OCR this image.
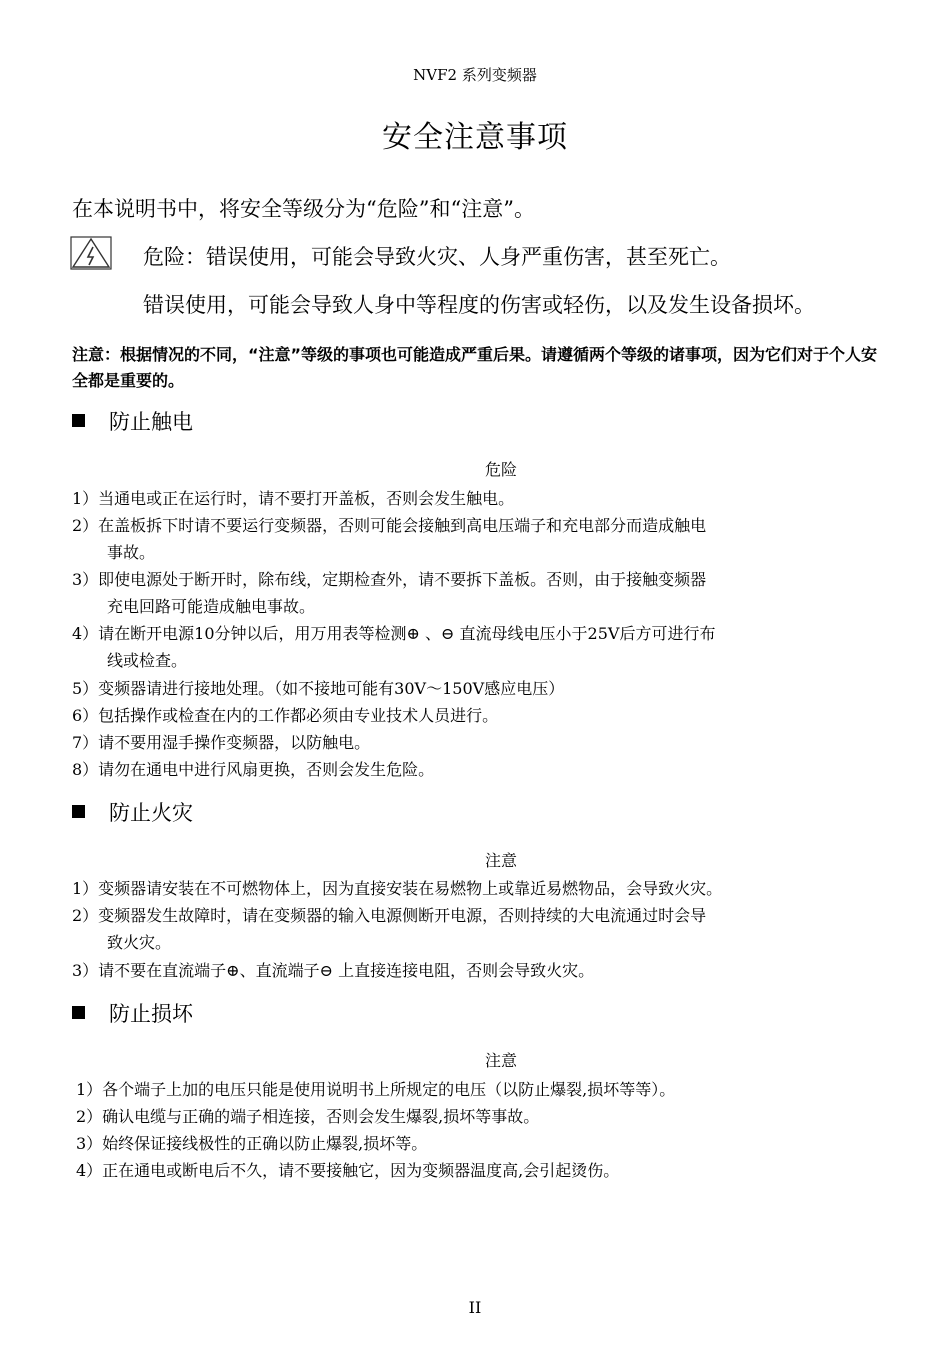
NVF2 系列变频器
安全注意事项
在本说明书中，将安全等级分为“危险”和“注意”。
危险：错误使用，可能会导致火灾、人身严重伤害，甚至死亡。
错误使用，可能会导致人身中等程度的伤害或轻伤，以及发生设备损坏。
注意：根据情况的不同，“注意”等级的事项也可能造成严重后果。请遵循两个等级的诸事项，因为它们对于个人安全都是重要的。
防止触电
危险
1）当通电或正在运行时，请不要打开盖板，否则会发生触电。
2）在盖板拆下时请不要运行变频器，否则可能会接触到高电压端子和充电部分而造成触电
事故。
3）即使电源处于断开时，除布线，定期检查外，请不要拆下盖板。否则，由于接触变频器
充电回路可能造成触电事故。
4）请在断开电源10分钟以后，用万用表等检测⊕ 、⊖ 直流母线电压小于25V后方可进行布
线或检查。
5）变频器请进行接地处理。（如不接地可能有30V～150V感应电压）
6）包括操作或检查在内的工作都必须由专业技术人员进行。
7）请不要用湿手操作变频器，以防触电。
8）请勿在通电中进行风扇更换，否则会发生危险。
防止火灾
注意
1）变频器请安装在不可燃物体上，因为直接安装在易燃物上或靠近易燃物品，会导致火灾。
2）变频器发生故障时，请在变频器的输入电源侧断开电源，否则持续的大电流通过时会导
致火灾。
3）请不要在直流端子⊕、直流端子⊖ 上直接连接电阻，否则会导致火灾。
防止损坏
注意
1）各个端子上加的电压只能是使用说明书上所规定的电压（以防止爆裂,损坏等等）。
2）确认电缆与正确的端子相连接，否则会发生爆裂,损坏等事故。
3）始终保证接线极性的正确以防止爆裂,损坏等。
4）正在通电或断电后不久，请不要接触它，因为变频器温度高,会引起烫伤。
II
